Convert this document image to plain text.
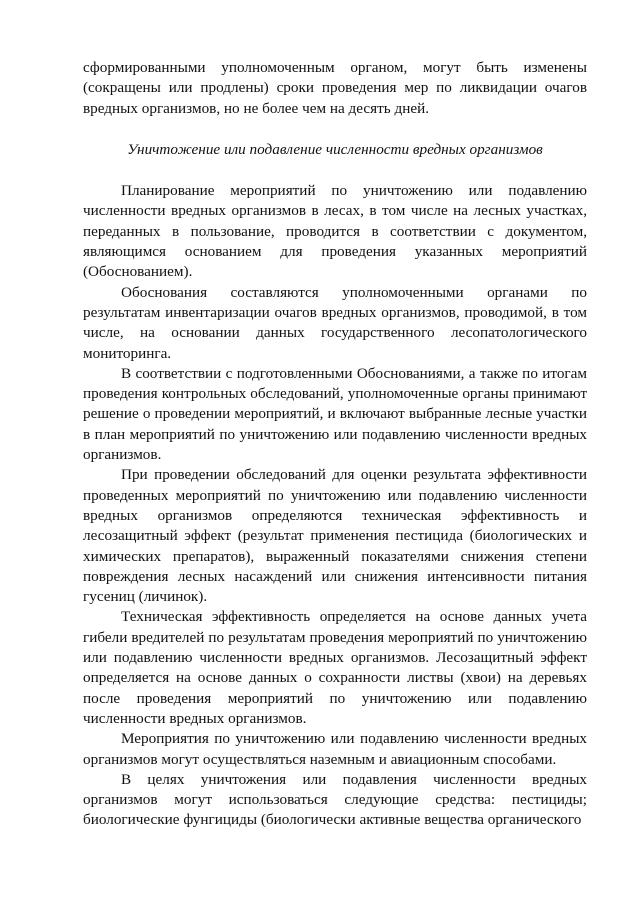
сформированными уполномоченным органом, могут быть изменены (сокращены или продлены) сроки проведения мер по ликвидации очагов вредных организмов, но не более чем на десять дней.

Уничтожение или подавление численности вредных организмов

Планирование мероприятий по уничтожению или подавлению численности вредных организмов в лесах, в том числе на лесных участках, переданных в пользование, проводится в соответствии с документом, являющимся основанием для проведения указанных мероприятий (Обоснованием).

Обоснования составляются уполномоченными органами по результатам инвентаризации очагов вредных организмов, проводимой, в том числе, на основании данных государственного лесопатологического мониторинга.

В соответствии с подготовленными Обоснованиями, а также по итогам проведения контрольных обследований, уполномоченные органы принимают решение о проведении мероприятий, и включают выбранные лесные участки в план мероприятий по уничтожению или подавлению численности вредных организмов.

При проведении обследований для оценки результата эффективности проведенных мероприятий по уничтожению или подавлению численности вредных организмов определяются техническая эффективность и лесозащитный эффект (результат применения пестицида (биологических и химических препаратов), выраженный показателями снижения степени повреждения лесных насаждений или снижения интенсивности питания гусениц (личинок).

Техническая эффективность определяется на основе данных учета гибели вредителей по результатам проведения мероприятий по уничтожению или подавлению численности вредных организмов. Лесозащитный эффект определяется на основе данных о сохранности листвы (хвои) на деревьях после проведения мероприятий по уничтожению или подавлению численности вредных организмов.

Мероприятия по уничтожению или подавлению численности вредных организмов могут осуществляться наземным и авиационным способами.

В целях уничтожения или подавления численности вредных организмов могут использоваться следующие средства: пестициды; биологические фунгициды (биологически активные вещества органического
